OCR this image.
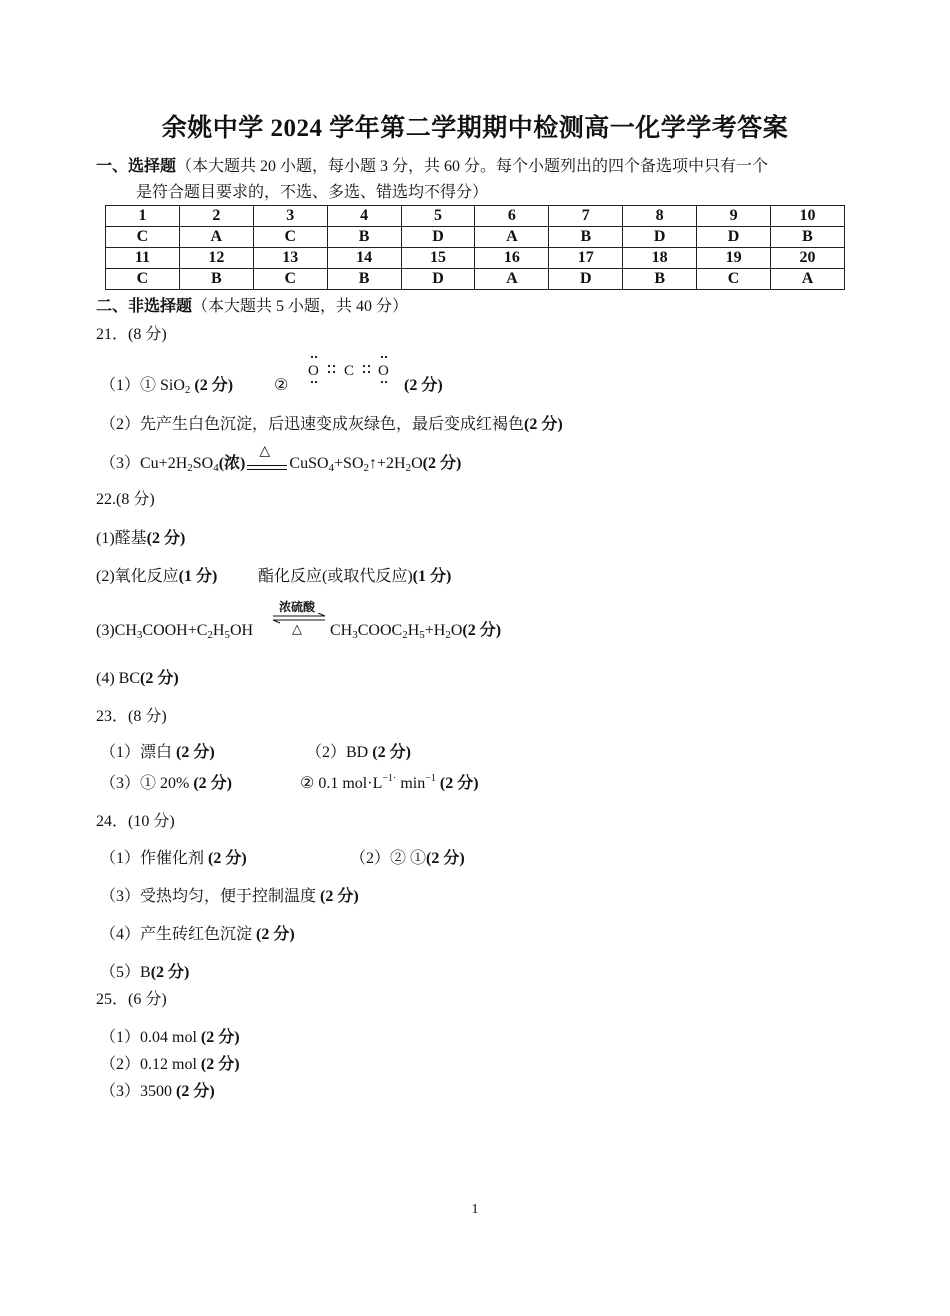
余姚中学 2024 学年第二学期期中检测高一化学学考答案
一、选择题（本大题共 20 小题，每小题 3 分，共 60 分。每个小题列出的四个备选项中只有一个
是符合题目要求的，不选、多选、错选均不得分）
1	2	3	4	5	6	7	8	9	10
C	A	C	B	D	A	B	D	D	B
11	12	13	14	15	16	17	18	19	20
C	B	C	B	D	A	D	B	C	A
二、非选择题（本大题共 5 小题，共 40 分）
21．(8 分)
（1）① SiO$_2$ (2 分)	②
O C O
(2 分)
（2）先产生白色沉淀，后迅速变成灰绿色，最后变成红褐色(2 分)
$(3)Cu+2H_2SO_4$(浓)
△
$CuSO_4+SO_2↑+2H_2O(2$ 分)
22.(8 分)
(1)醛基(2 分)
(2)氧化反应(1 分)	酯化反应(或取代反应)(1 分)
$(3)CH_3COOH+C_2H_5OH$
浓硫酸
△ $CH_3COOC_2H_5+H_2O(2$ 分)
(4) BC(2 分)
23．(8 分)
（1）漂白 (2 分)	（2）BD (2 分)
（3）① 20% (2 分)	② 0.1 $mol\cdot L^{-1\cdot}$ $\min^{-1} (2$ 分)
24．(10 分)
（1）作催化剂 (2 分)	（2）② ①(2 分)
（3）受热均匀，便于控制温度 (2 分)
（4）产生砖红色沉淀 (2 分)
（5）B(2 分)
25．(6 分)
（1）0.04 mol (2 分)
（2）0.12 mol (2 分)
（3）3500 (2 分)
1
